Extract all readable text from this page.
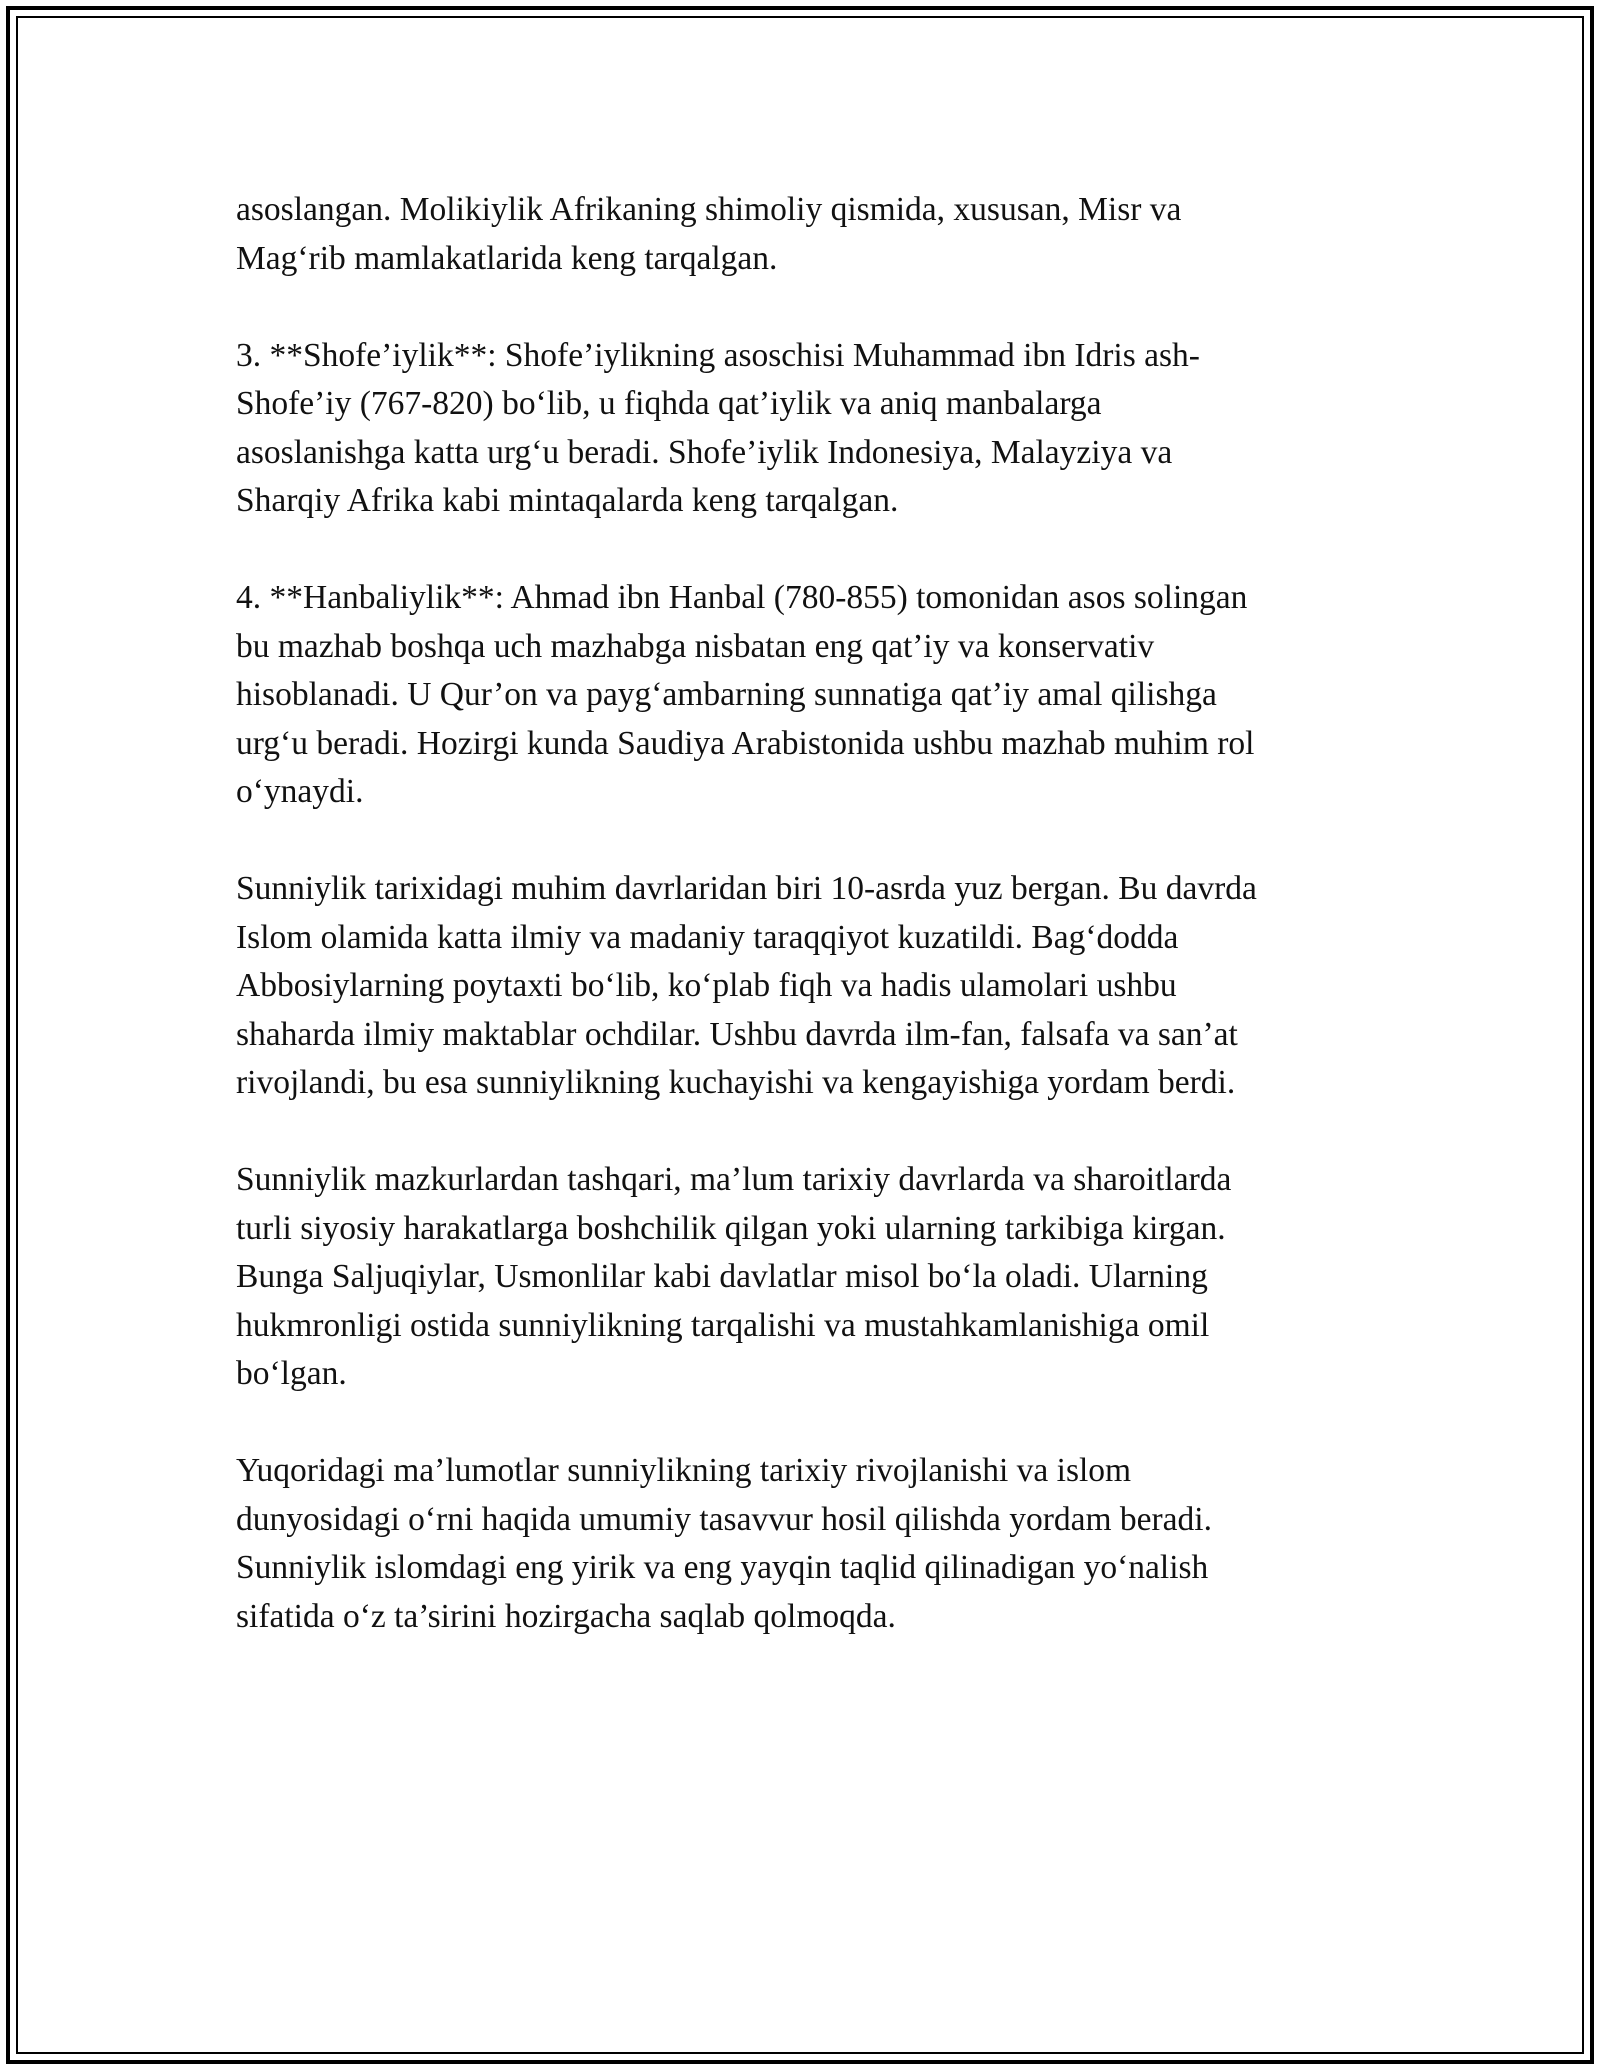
asoslangan. Molikiylik Afrikaning shimoliy qismida, xususan, Misr va
Mag‘rib mamlakatlarida keng tarqalgan.

3. **Shofe’iylik**: Shofe’iylikning asoschisi Muhammad ibn Idris ash-
Shofe’iy (767-820) bo‘lib, u fiqhda qat’iylik va aniq manbalarga
asoslanishga katta urg‘u beradi. Shofe’iylik Indonesiya, Malayziya va
Sharqiy Afrika kabi mintaqalarda keng tarqalgan.

4. **Hanbaliylik**: Ahmad ibn Hanbal (780-855) tomonidan asos solingan
bu mazhab boshqa uch mazhabga nisbatan eng qat’iy va konservativ
hisoblanadi. U Qur’on va payg‘ambarning sunnatiga qat’iy amal qilishga
urg‘u beradi. Hozirgi kunda Saudiya Arabistonida ushbu mazhab muhim rol
o‘ynaydi.

Sunniylik tarixidagi muhim davrlaridan biri 10-asrda yuz bergan. Bu davrda
Islom olamida katta ilmiy va madaniy taraqqiyot kuzatildi. Bag‘dodda
Abbosiylarning poytaxti bo‘lib, ko‘plab fiqh va hadis ulamolari ushbu
shaharda ilmiy maktablar ochdilar. Ushbu davrda ilm-fan, falsafa va san’at
rivojlandi, bu esa sunniylikning kuchayishi va kengayishiga yordam berdi.

Sunniylik mazkurlardan tashqari, ma’lum tarixiy davrlarda va sharoitlarda
turli siyosiy harakatlarga boshchilik qilgan yoki ularning tarkibiga kirgan.
Bunga Saljuqiylar, Usmonlilar kabi davlatlar misol bo‘la oladi. Ularning
hukmronligi ostida sunniylikning tarqalishi va mustahkamlanishiga omil
bo‘lgan.

Yuqoridagi ma’lumotlar sunniylikning tarixiy rivojlanishi va islom
dunyosidagi o‘rni haqida umumiy tasavvur hosil qilishda yordam beradi.
Sunniylik islomdagi eng yirik va eng yayqin taqlid qilinadigan yo‘nalish
sifatida o‘z ta’sirini hozirgacha saqlab qolmoqda.
